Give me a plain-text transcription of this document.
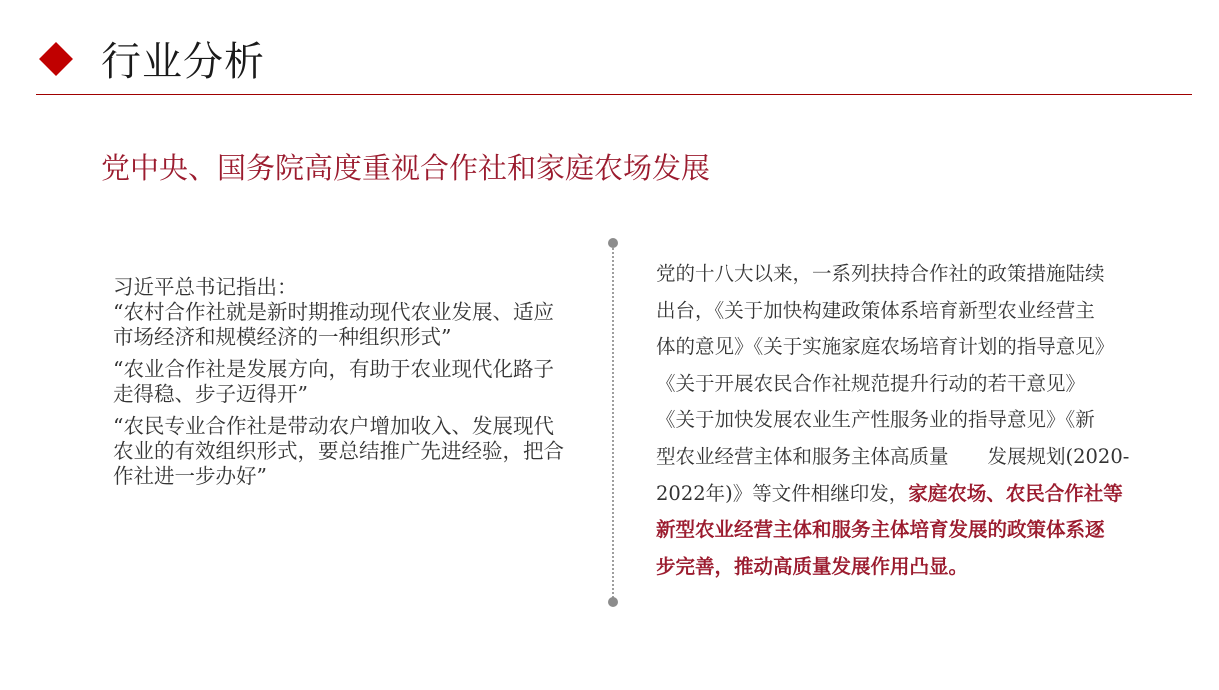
行业分析
党中央、国务院高度重视合作社和家庭农场发展

习近平总书记指出：

“农村合作社就是新时期推动现代农业发展、适应市场经济和规模经济的一种组织形式”

“农业合作社是发展方向，有助于农业现代化路子走得稳、步子迈得开”

“农民专业合作社是带动农户增加收入、发展现代农业的有效组织形式，要总结推广先进经验，把合作社进一步办好”

党的十八大以来，一系列扶持合作社的政策措施陆续
出台，《关于加快构建政策体系培育新型农业经营主
体的意见》《关于实施家庭农场培育计划的指导意见》
《关于开展农民合作社规范提升行动的若干意见》
《关于加快发展农业生产性服务业的指导意见》《新
型农业经营主体和服务主体高质量　　发展规划(2020-
2022年)》等文件相继印发，家庭农场、农民合作社等
新型农业经营主体和服务主体培育发展的政策体系逐
步完善，推动高质量发展作用凸显。
